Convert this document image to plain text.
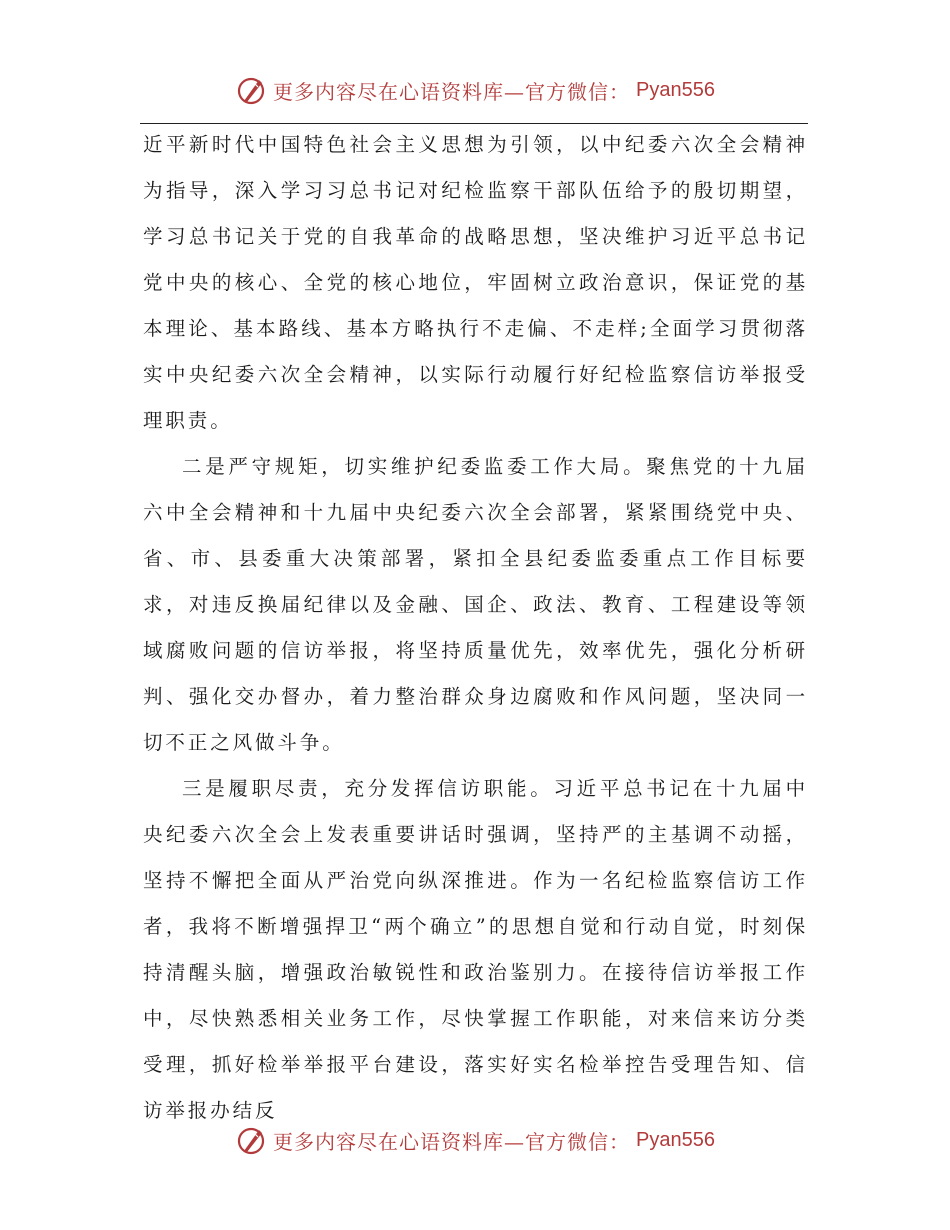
更多内容尽在心语资料库—官方微信： Pyan556

近平新时代中国特色社会主义思想为引领，以中纪委六次全会精神为指导，深入学习习总书记对纪检监察干部队伍给予的殷切期望，学习总书记关于党的自我革命的战略思想，坚决维护习近平总书记党中央的核心、全党的核心地位，牢固树立政治意识，保证党的基本理论、基本路线、基本方略执行不走偏、不走样;全面学习贯彻落实中央纪委六次全会精神，以实际行动履行好纪检监察信访举报受理职责。

二是严守规矩，切实维护纪委监委工作大局。聚焦党的十九届六中全会精神和十九届中央纪委六次全会部署，紧紧围绕党中央、省、市、县委重大决策部署，紧扣全县纪委监委重点工作目标要求，对违反换届纪律以及金融、国企、政法、教育、工程建设等领域腐败问题的信访举报，将坚持质量优先，效率优先，强化分析研判、强化交办督办，着力整治群众身边腐败和作风问题，坚决同一切不正之风做斗争。

三是履职尽责，充分发挥信访职能。习近平总书记在十九届中央纪委六次全会上发表重要讲话时强调，坚持严的主基调不动摇，坚持不懈把全面从严治党向纵深推进。作为一名纪检监察信访工作者，我将不断增强捍卫“两个确立”的思想自觉和行动自觉，时刻保持清醒头脑，增强政治敏锐性和政治鉴别力。在接待信访举报工作中，尽快熟悉相关业务工作，尽快掌握工作职能，对来信来访分类受理，抓好检举举报平台建设，落实好实名检举控告受理告知、信访举报办结反

更多内容尽在心语资料库—官方微信： Pyan556
